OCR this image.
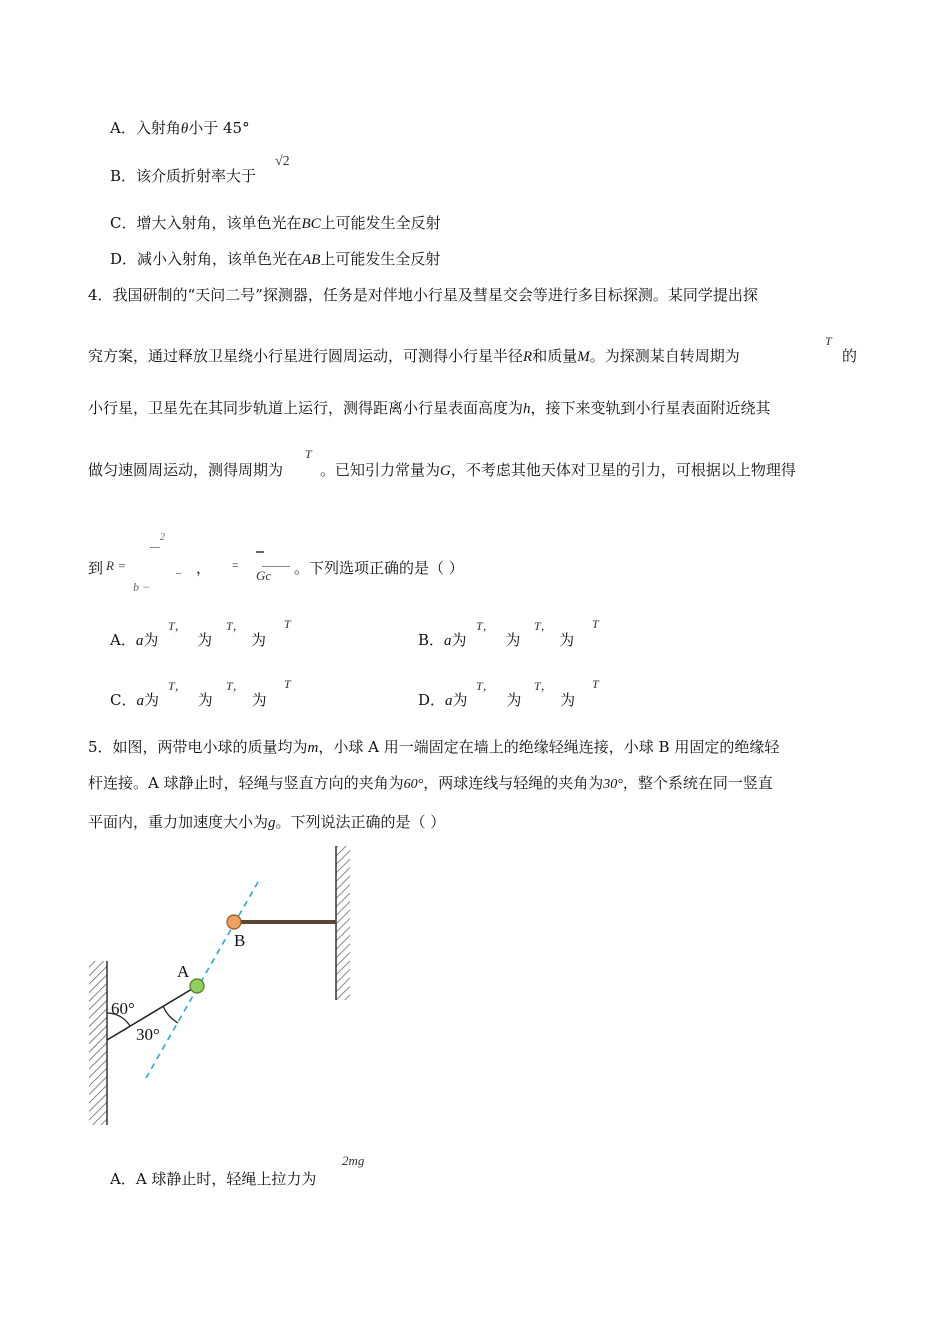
A．入射角θ小于 45°
B．该介质折射率大于
√2
C．增大入射角，该单色光在BC上可能发生全反射
D．减小入射角，该单色光在AB上可能发生全反射
4．我国研制的“天问二号”探测器，任务是对伴地小行星及彗星交会等进行多目标探测。某同学提出探
究方案，通过释放卫星绕小行星进行圆周运动，可测得小行星半径R和质量M。为探测某自转周期为
T
的
小行星，卫星先在其同步轨道上运行，测得距离小行星表面高度为h，接下来变轨到小行星表面附近绕其
做匀速圆周运动，测得周期为
T
。已知引力常量为G，不考虑其他天体对卫星的引力，可根据以上物理得
到 R =
2
b −
， =
Gc 。下列选项正确的是（ ）
A．a为	为	为
T，	T，	T
B．a为	为	为
T，	T，	T
C．a为	为	为
T，	T，	T
D．a为	为	为
T，	T，	T
5．如图，两带电小球的质量均为m，小球 A 用一端固定在墙上的绝缘轻绳连接，小球 B 用固定的绝缘轻
杆连接。A 球静止时，轻绳与竖直方向的夹角为60°，两球连线与轻绳的夹角为30°，整个系统在同一竖直
平面内，重力加速度大小为g。下列说法正确的是（ ）
A
B
60°
30°
A．A 球静止时，轻绳上拉力为
2mg
